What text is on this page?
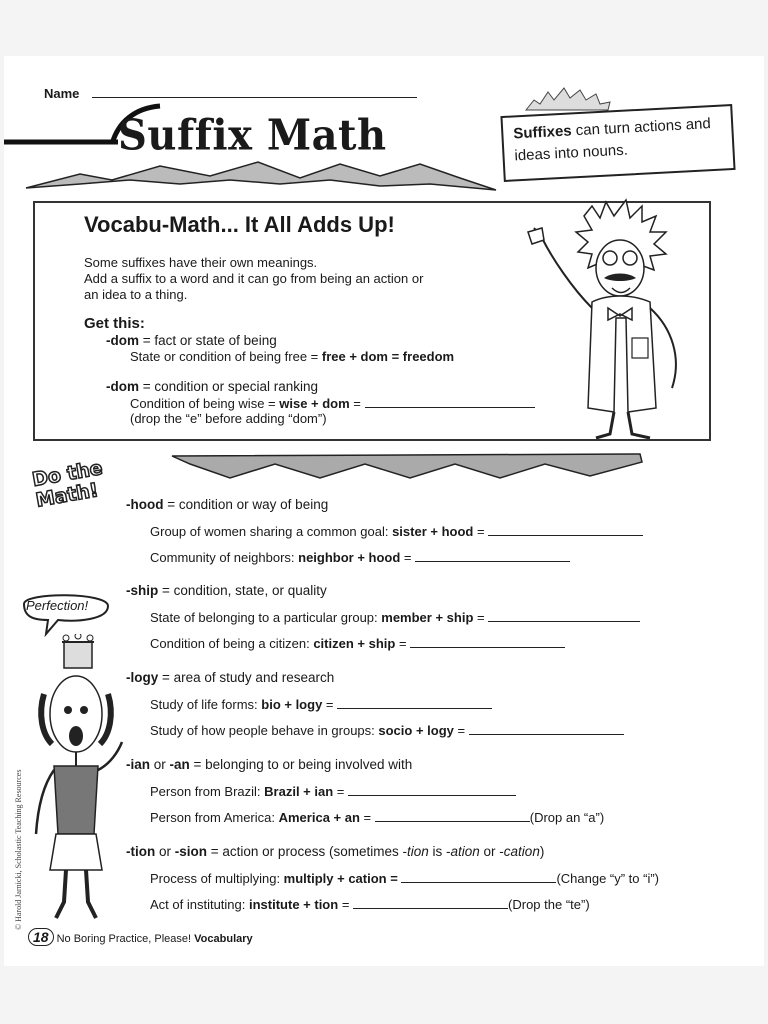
Name
Suffix Math	Suffixes can turn actions and ideas into nouns.
Vocabu-Math... It All Adds Up!
Some suffixes have their own meanings.
Add a suffix to a word and it can go from being an action or
an idea to a thing.
Get this:
-dom = fact or state of being
State or condition of being free = free + dom = freedom
-dom = condition or special ranking
Condition of being wise = wise + dom =
(drop the “e” before adding “dom”)
Do the Math!
Perfection!
-hood = condition or way of being
Group of women sharing a common goal: sister + hood =
Community of neighbors: neighbor + hood =
-ship = condition, state, or quality
State of belonging to a particular group: member + ship =
Condition of being a citizen: citizen + ship =
-logy = area of study and research
Study of life forms: bio + logy =
Study of how people behave in groups: socio + logy =
-ian or -an = belonging to or being involved with
Person from Brazil: Brazil + ian =
Person from America: America + an =	(Drop an “a”)
-tion or -sion = action or process (sometimes -tion is -ation or -cation)
Process of multiplying: multiply + cation =	(Change “y” to “i”)
Act of instituting: institute + tion =	(Drop the “te”)
18 No Boring Practice, Please! Vocabulary
© Harold Jarnicki, Scholastic Teaching Resources
